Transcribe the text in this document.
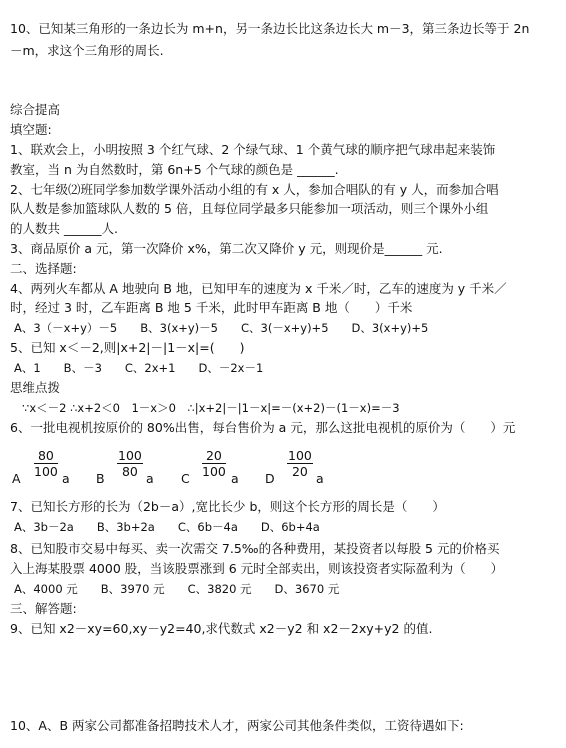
10、已知某三角形的一条边长为 m+n，另一条边长比这条边长大 m－3，第三条边长等于 2n
－m，求这个三角形的周长.
综合提高
填空题:
1、联欢会上，小明按照 3 个红气球、2 个绿气球、1 个黄气球的顺序把气球串起来装饰
教室，当 n 为自然数时，第 6n+5 个气球的颜色是 ______.
2、七年级⑵班同学参加数学课外活动小组的有 x 人，参加合唱队的有 y 人，而参加合唱
队人数是参加篮球队人数的 5 倍，且每位同学最多只能参加一项活动，则三个课外小组
的人数共 ______人.
3、商品原价 a 元，第一次降价 x%，第二次又降价 y 元，则现价是______ 元.
二、选择题:
4、两列火车都从 A 地驶向 B 地，已知甲车的速度为 x 千米／时，乙车的速度为 y 千米／
时，经过 3 时，乙车距离 B 地 5 千米，此时甲车距离 B 地（　　）千米
A、3（－x+y）－5　　B、3(x+y)－5　　C、3(－x+y)+5　　D、3(x+y)+5
5、已知 x＜－2,则|x+2|－|1－x|=(　　)
A、1　　B、－3　　C、2x+1　　D、－2x－1
思维点拨
∵x＜－2 ∴x+2＜0　1－x＞0　∴|x+2|－|1－x|=－(x+2)－(1－x)=－3
6、一批电视机按原价的 80%出售，每台售价为 a 元，那么这批电视机的原价为（　　）元
A $\frac{80}{100}$ a B $\frac{100}{80}$ a C $\frac{20}{100}$ a D $\frac{100}{20}$ a
7、已知长方形的长为（2b－a）,宽比长少 b，则这个长方形的周长是（　　）
A、3b－2a　　B、3b+2a　　C、6b－4a　　D、6b+4a
8、已知股市交易中每买、卖一次需交 7.5‰的各种费用，某投资者以每股 5 元的价格买
入上海某股票 4000 股，当该股票涨到 6 元时全部卖出，则该投资者实际盈利为（　　）
A、4000 元　　B、3970 元　　C、3820 元　　D、3670 元
三、解答题:
9、已知 x2－xy=60,xy－y2=40,求代数式 x2－y2 和 x2－2xy+y2 的值.
10、A、B 两家公司都准备招聘技术人才，两家公司其他条件类似，工资待遇如下:
